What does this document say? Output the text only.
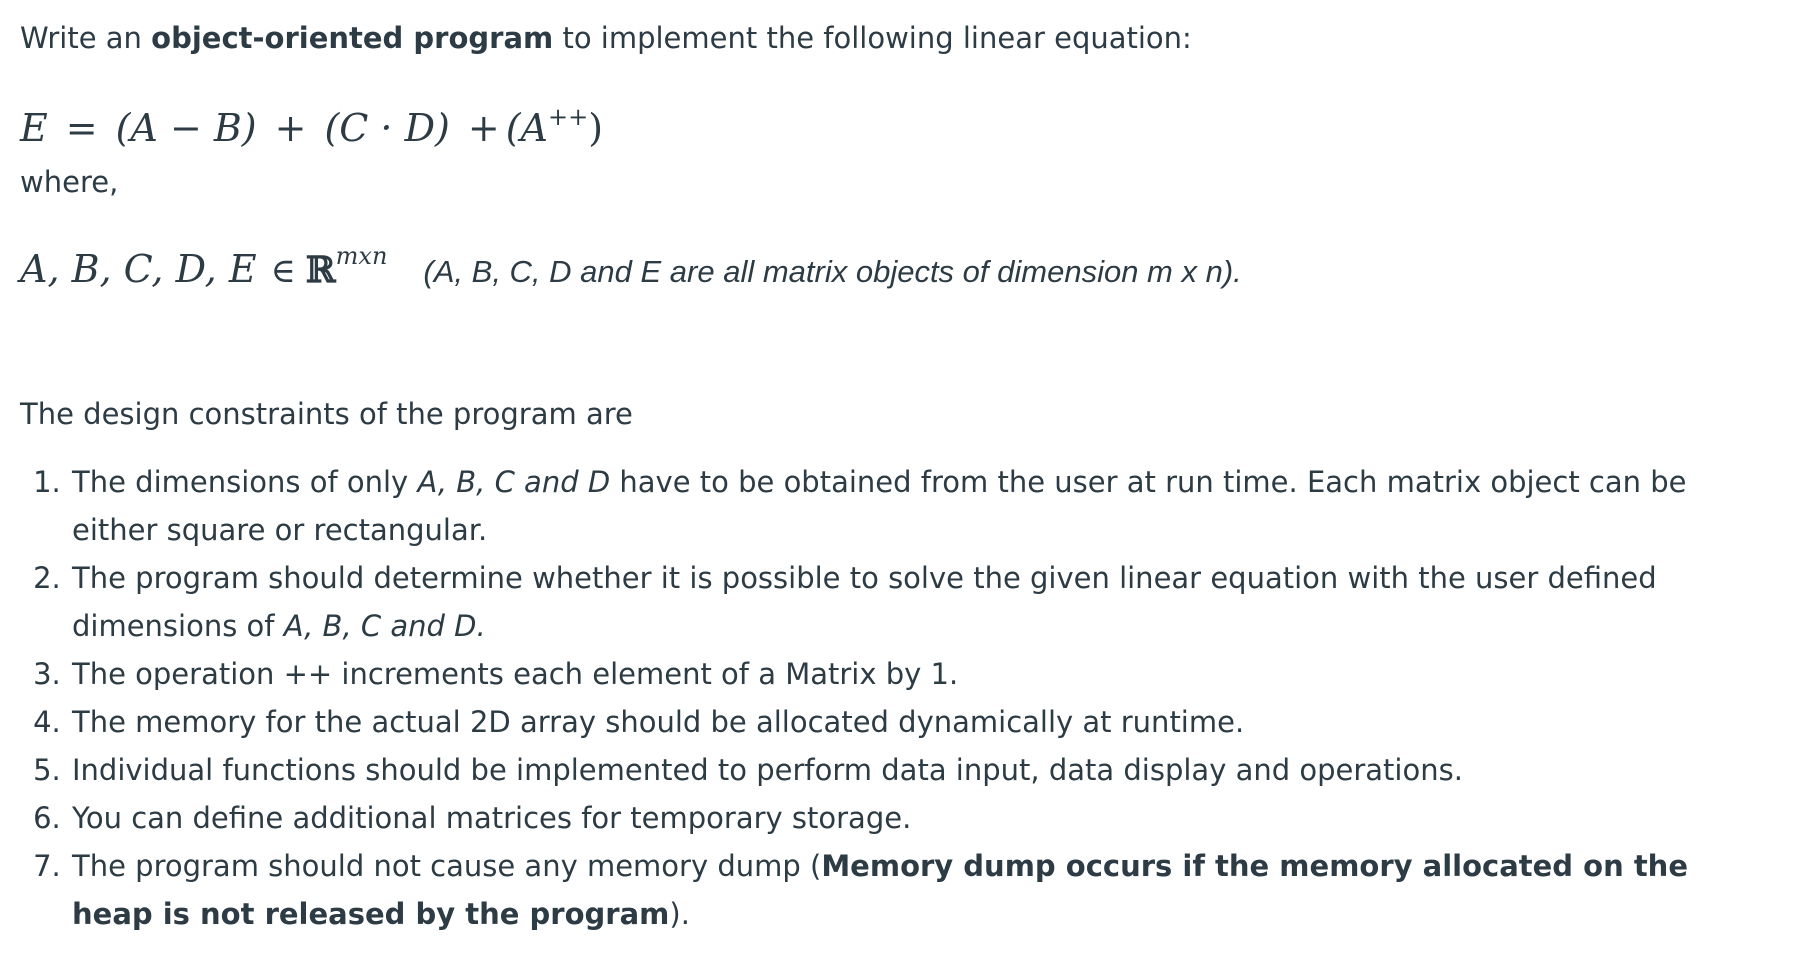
Write an object-oriented program to implement the following linear equation:

E = (A − B) + (C · D) + (A++)

where,

A, B, C, D, E ∈ ℝmxn (A, B, C, D and E are all matrix objects of dimension m x n).

The design constraints of the program are

1. The dimensions of only A, B, C and D have to be obtained from the user at run time. Each matrix object can be either square or rectangular.
2. The program should determine whether it is possible to solve the given linear equation with the user defined dimensions of A, B, C and D.
3. The operation ++ increments each element of a Matrix by 1.
4. The memory for the actual 2D array should be allocated dynamically at runtime.
5. Individual functions should be implemented to perform data input, data display and operations.
6. You can define additional matrices for temporary storage.
7. The program should not cause any memory dump (Memory dump occurs if the memory allocated on the heap is not released by the program).
